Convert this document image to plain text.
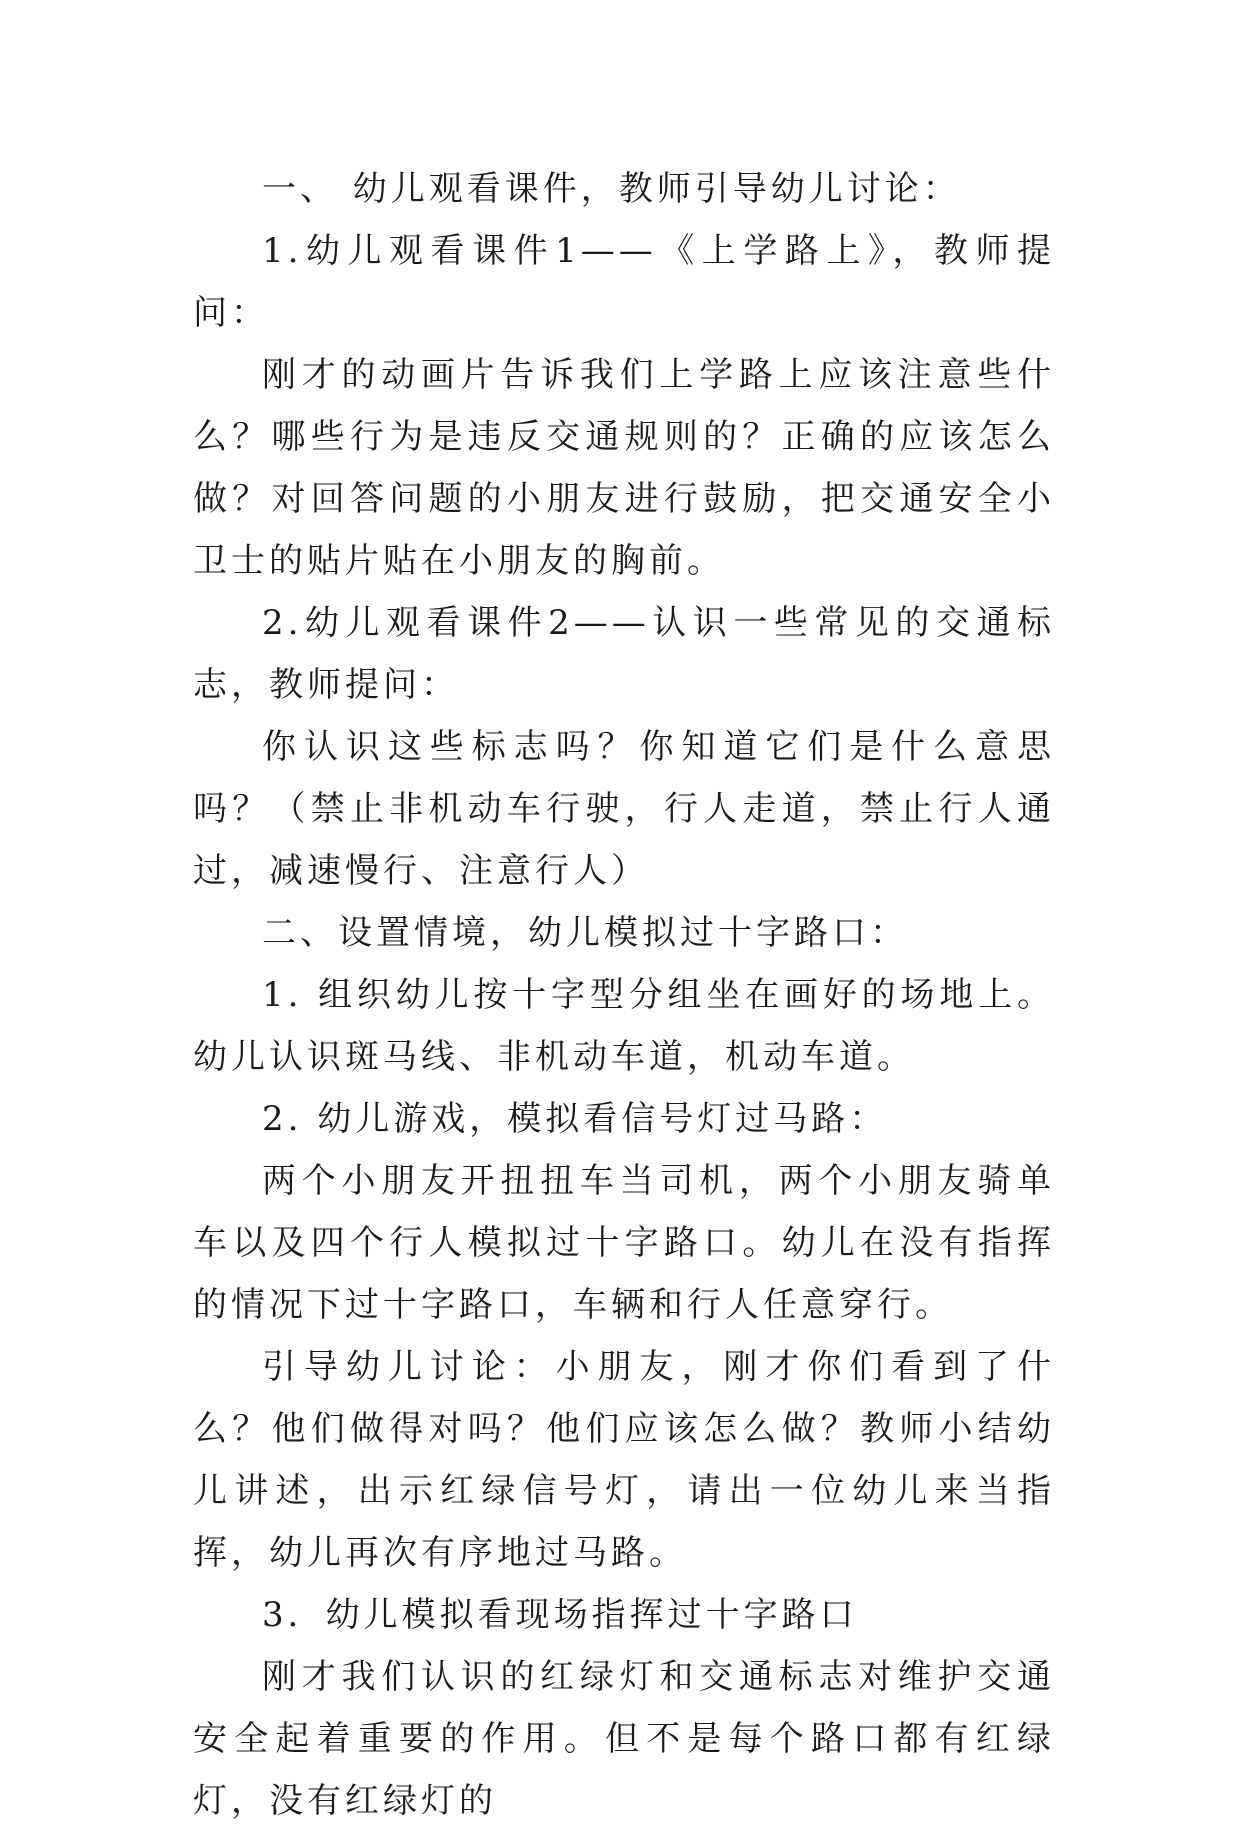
一、 幼儿观看课件，教师引导幼儿讨论：

1.幼儿观看课件1——《上学路上》，教师提问：

刚才的动画片告诉我们上学路上应该注意些什么？哪些行为是违反交通规则的？正确的应该怎么做？对回答问题的小朋友进行鼓励，把交通安全小卫士的贴片贴在小朋友的胸前。

2.幼儿观看课件2——认识一些常见的交通标志，教师提问：

你认识这些标志吗？你知道它们是什么意思吗？（禁止非机动车行驶，行人走道，禁止行人通过，减速慢行、注意行人）

二、设置情境，幼儿模拟过十字路口：

1. 组织幼儿按十字型分组坐在画好的场地上。幼儿认识斑马线、非机动车道，机动车道。

2. 幼儿游戏，模拟看信号灯过马路：

两个小朋友开扭扭车当司机，两个小朋友骑单车以及四个行人模拟过十字路口。幼儿在没有指挥的情况下过十字路口，车辆和行人任意穿行。

引导幼儿讨论：小朋友，刚才你们看到了什么？他们做得对吗？他们应该怎么做？教师小结幼儿讲述，出示红绿信号灯，请出一位幼儿来当指挥，幼儿再次有序地过马路。

3．幼儿模拟看现场指挥过十字路口

刚才我们认识的红绿灯和交通标志对维护交通安全起着重要的作用。但不是每个路口都有红绿灯，没有红绿灯的
